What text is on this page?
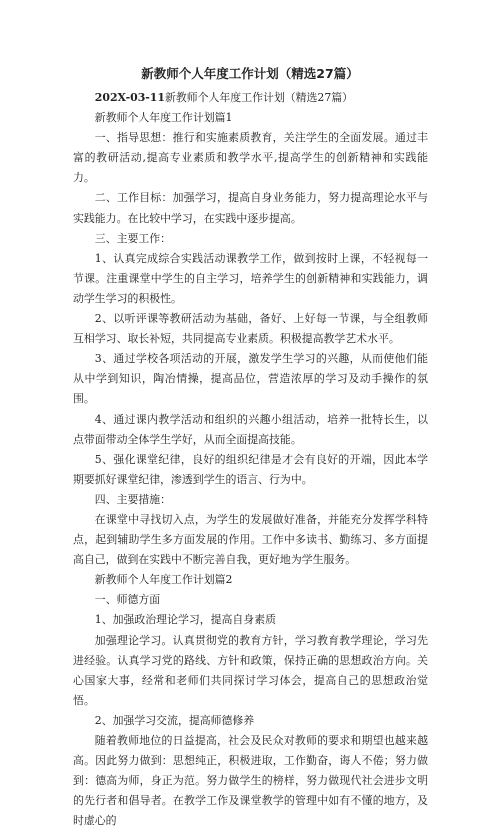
新教师个人年度工作计划（精选27篇）

202X-03-11新教师个人年度工作计划（精选27篇）

新教师个人年度工作计划篇1

一、指导思想：推行和实施素质教育，关注学生的全面发展。通过丰富的教研活动,提高专业素质和教学水平,提高学生的创新精神和实践能力。

二、工作目标：加强学习，提高自身业务能力，努力提高理论水平与实践能力。在比较中学习，在实践中逐步提高。

三、主要工作：

1、认真完成综合实践活动课教学工作，做到按时上课，不轻视每一节课。注重课堂中学生的自主学习，培养学生的创新精神和实践能力，调动学生学习的积极性。

2、以听评课等教研活动为基础，备好、上好每一节课，与全组教师互相学习、取长补短，共同提高专业素质。积极提高教学艺术水平。

3、通过学校各项活动的开展，激发学生学习的兴趣，从而使他们能从中学到知识，陶冶情操，提高品位，营造浓厚的学习及动手操作的氛围。

4、通过课内教学活动和组织的兴趣小组活动，培养一批特长生，以点带面带动全体学生学好，从而全面提高技能。

5、强化课堂纪律，良好的组织纪律是才会有良好的开端，因此本学期要抓好课堂纪律，渗透到学生的语言、行为中。

四、主要措施：

在课堂中寻找切入点，为学生的发展做好准备，并能充分发挥学科特点，起到辅助学生多方面发展的作用。工作中多读书、勤练习、多方面提高自己，做到在实践中不断完善自我，更好地为学生服务。

新教师个人年度工作计划篇2

一、师德方面

1、加强政治理论学习，提高自身素质

加强理论学习。认真贯彻党的教育方针，学习教育教学理论，学习先进经验。认真学习党的路线、方针和政策，保持正确的思想政治方向。关心国家大事，经常和老师们共同探讨学习体会，提高自己的思想政治觉悟。

2、加强学习交流，提高师德修养

随着教师地位的日益提高，社会及民众对教师的要求和期望也越来越高。因此努力做到：思想纯正，积极进取，工作勤奋，诲人不倦；努力做到：德高为师，身正为范。努力做学生的榜样，努力做现代社会进步文明的先行者和倡导者。在教学工作及课堂教学的管理中如有不懂的地方，及时虚心的
